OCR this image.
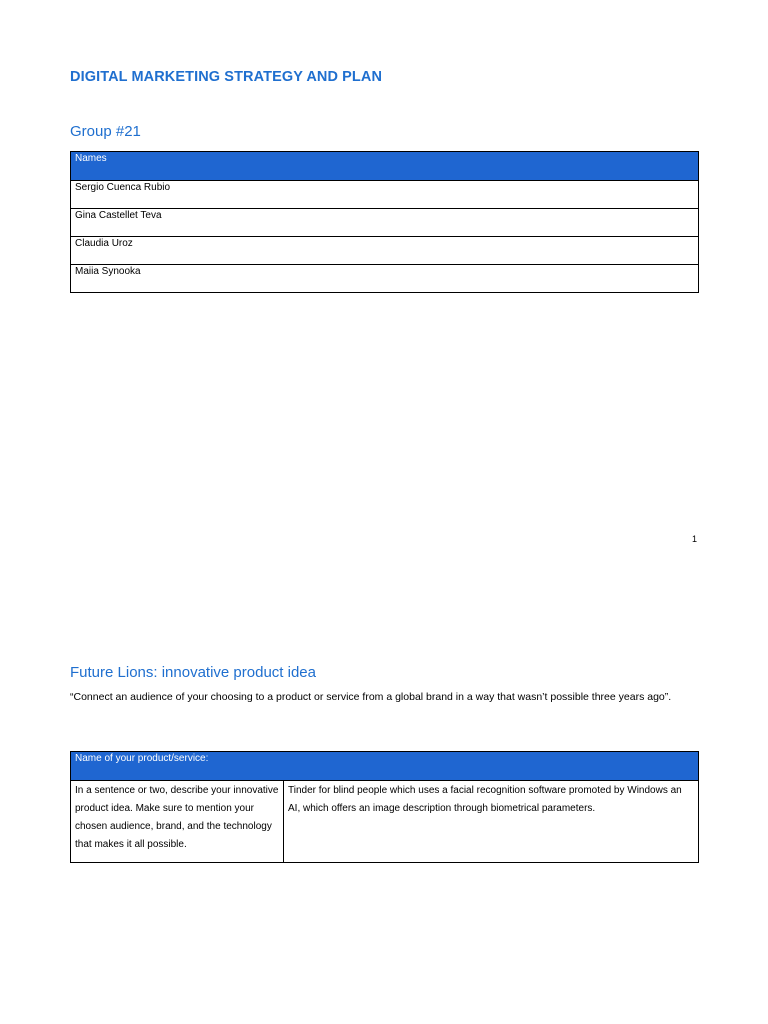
DIGITAL MARKETING STRATEGY AND PLAN
Group #21
Names
Sergio Cuenca Rubio
Gina Castellet Teva
Claudia Uroz
Maiia Synooka
1
Future Lions: innovative product idea
“Connect an audience of your choosing to a product or service from a global brand in a way that wasn’t possible three years ago”.
Name of your product/service:
In a sentence or two, describe your innovative product idea. Make sure to mention your chosen audience, brand, and the technology that makes it all possible.	Tinder for blind people which uses a facial recognition software promoted by Windows an AI, which offers an image description through biometrical parameters.
